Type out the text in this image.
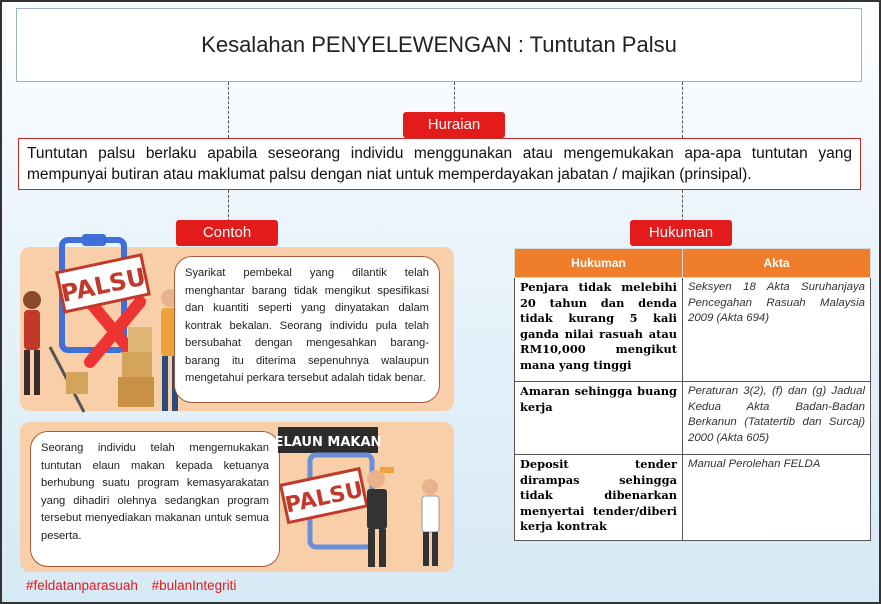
Kesalahan PENYELEWENGAN : Tuntutan Palsu
Huraian
Tuntutan palsu berlaku apabila seseorang individu menggunakan atau mengemukakan apa-apa tuntutan yang mempunyai butiran atau maklumat palsu dengan niat untuk memperdayakan jabatan / majikan (prinsipal).
Contoh
PALSU	Syarikat pembekal yang dilantik telah menghantar barang tidak mengikut spesifikasi dan kuantiti seperti yang dinyatakan dalam kontrak bekalan. Seorang individu pula telah bersubahat dengan mengesahkan barang-barang itu diterima sepenuhnya walaupun mengetahui perkara tersebut adalah tidak benar.
Seorang individu telah mengemukakan tuntutan elaun makan kepada ketuanya berhubung suatu program kemasyarakatan yang dihadiri olehnya sedangkan program tersebut menyediakan makanan untuk semua peserta.
ELAUN MAKAN
PALSU
Hukuman
Hukuman	Akta
Penjara tidak melebihi 20 tahun dan denda tidak kurang 5 kali ganda nilai rasuah atau RM10,000 mengikut mana yang tinggi	Seksyen 18 Akta Suruhanjaya Pencegahan Rasuah Malaysia 2009 (Akta 694)
Amaran sehingga buang kerja	Peraturan 3(2), (f) dan (g) Jadual Kedua Akta Badan-Badan Berkanun (Tatatertib dan Surcaj) 2000 (Akta 605)
Deposit tender dirampas sehingga tidak dibenarkan menyertai tender/diberi kerja kontrak	Manual Perolehan FELDA
#feldatanparasuah #bulanIntegriti
